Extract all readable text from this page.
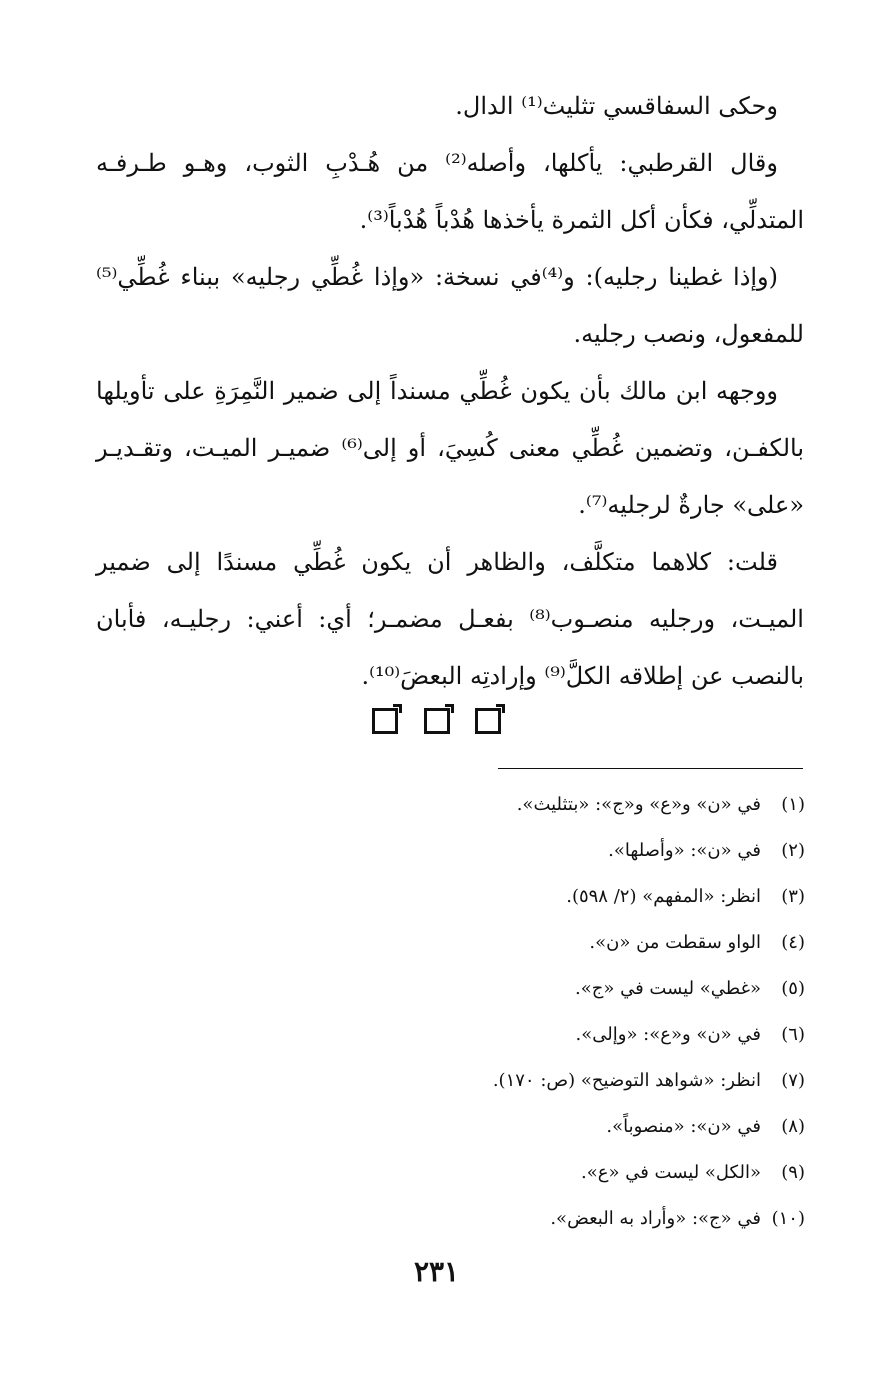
وحكى السفاقسي تثليث⁽¹⁾ الدال.

وقال القرطبي: يأكلها، وأصله⁽²⁾ من هُـدْبِ الثوب، وهـو طـرفـه المتدلِّي، فكأن أكل الثمرة يأخذها هُدْباً هُدْباً⁽³⁾.

(وإذا غطينا رجليه): و⁽⁴⁾في نسخة: «وإذا غُطِّي رجليه» ببناء غُطِّي⁽⁵⁾ للمفعول، ونصب رجليه.

ووجهه ابن مالك بأن يكون غُطِّي مسنداً إلى ضمير النَّمِرَةِ على تأويلها بالكفـن، وتضمين غُطِّي معنى كُسِيَ، أو إلى⁽⁶⁾ ضميـر الميـت، وتقـديـر «على» جارةٌ لرجليه⁽⁷⁾.

قلت: كلاهما متكلَّف، والظاهر أن يكون غُطِّي مسندًا إلى ضمير الميـت، ورجليه منصـوب⁽⁸⁾ بفعـل مضمـر؛ أي: أعني: رجليـه، فأبان بالنصب عن إطلاقه الكلَّ⁽⁹⁾ وإرادتِه البعضَ⁽¹⁰⁾.

(١)
في «ن» و«ع» و«ج»: «بتثليث».
(٢)
في «ن»: «وأصلها».
(٣)
انظر: «المفهم» (٢/ ٥٩٨).
(٤)
الواو سقطت من «ن».
(٥)
«غطي» ليست في «ج».
(٦)
في «ن» و«ع»: «وإلى».
(٧)
انظر: «شواهد التوضيح» (ص: ١٧٠).
(٨)
في «ن»: «منصوباً».
(٩)
«الكل» ليست في «ع».
(١٠)
في «ج»: «وأراد به البعض».
٢٣١
